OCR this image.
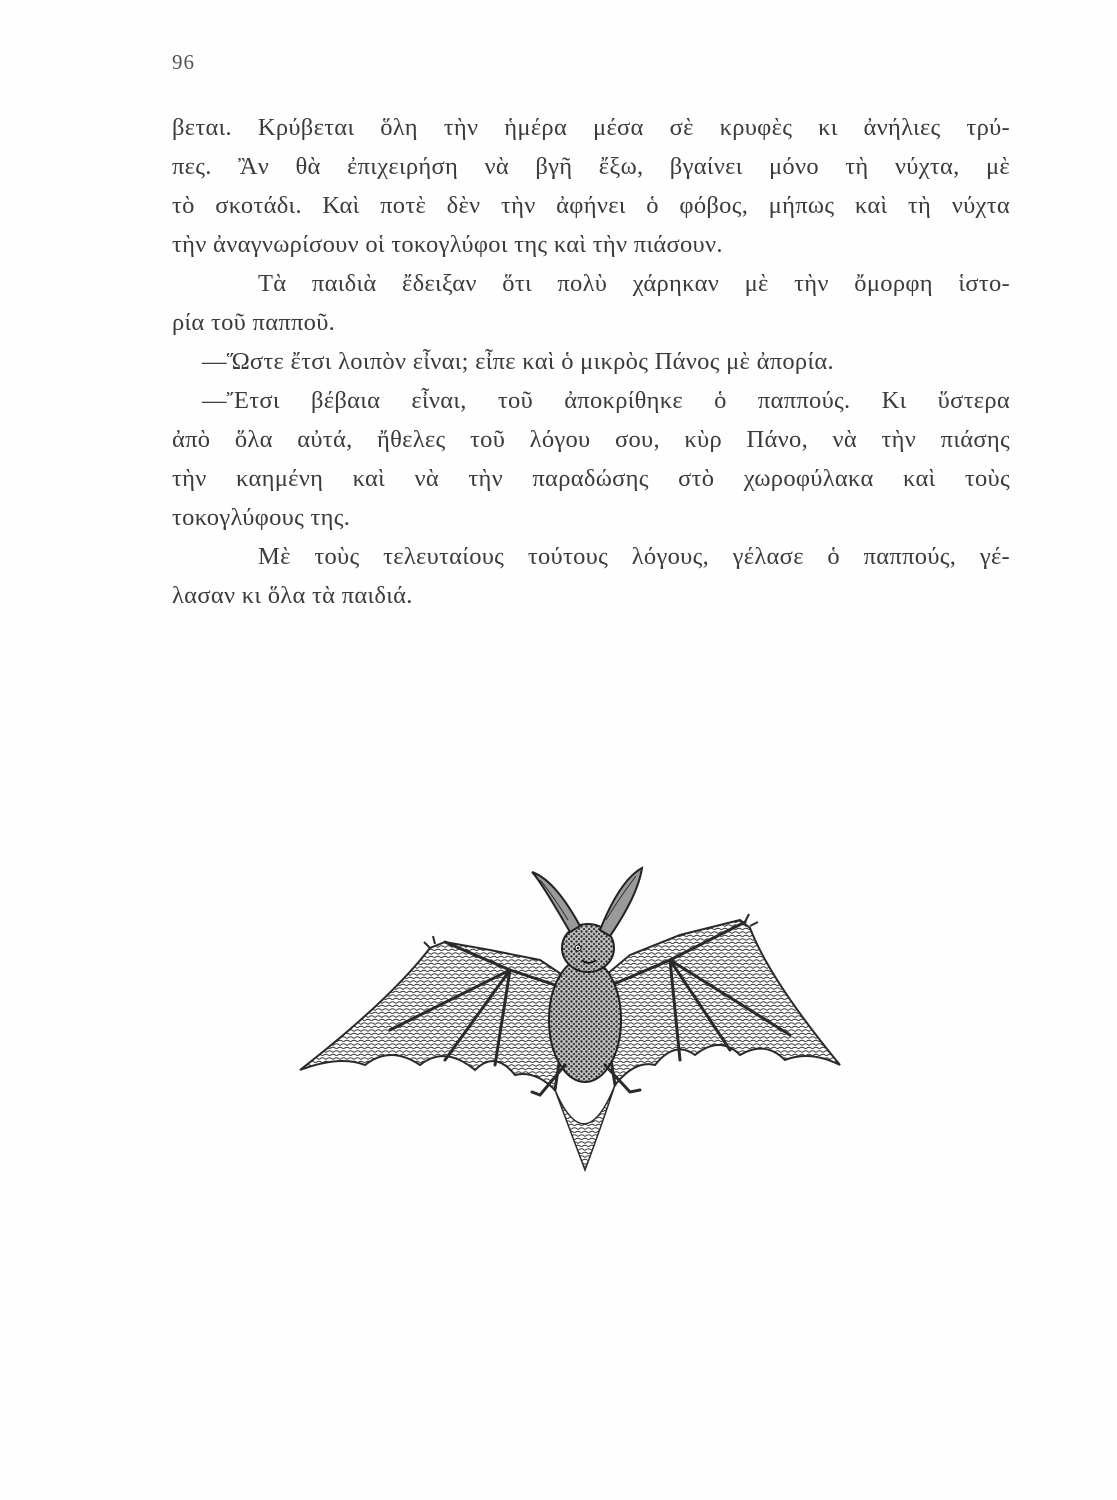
96
βεται. Κρύβεται ὅλη τὴν ἡμέρα μέσα σὲ κρυφὲς κι ἀνήλιες τρύ-
πες. Ἂν θὰ ἐπιχειρήση νὰ βγῆ ἔξω, βγαίνει μόνο τὴ νύχτα, μὲ
τὸ σκοτάδι. Καὶ ποτὲ δὲν τὴν ἀφήνει ὁ φόβος, μήπως καὶ τὴ νύχτα
τὴν ἀναγνωρίσουν οἱ τοκογλύφοι της καὶ τὴν πιάσουν.
Τὰ παιδιὰ ἔδειξαν ὅτι πολὺ χάρηκαν μὲ τὴν ὄμορφη ἱστο-
ρία τοῦ παπποῦ.
—Ὥστε ἔτσι λοιπὸν εἶναι; εἶπε καὶ ὁ μικρὸς Πάνος μὲ ἀπορία.
—Ἔτσι βέβαια εἶναι, τοῦ ἀποκρίθηκε ὁ παππούς. Κι ὕστερα
ἀπὸ ὅλα αὐτά, ἤθελες τοῦ λόγου σου, κὺρ Πάνο, νὰ τὴν πιάσης
τὴν καημένη καὶ νὰ τὴν παραδώσης στὸ χωροφύλακα καὶ τοὺς
τοκογλύφους της.
Μὲ τοὺς τελευταίους τούτους λόγους, γέλασε ὁ παππούς, γέ-
λασαν κι ὅλα τὰ παιδιά.
